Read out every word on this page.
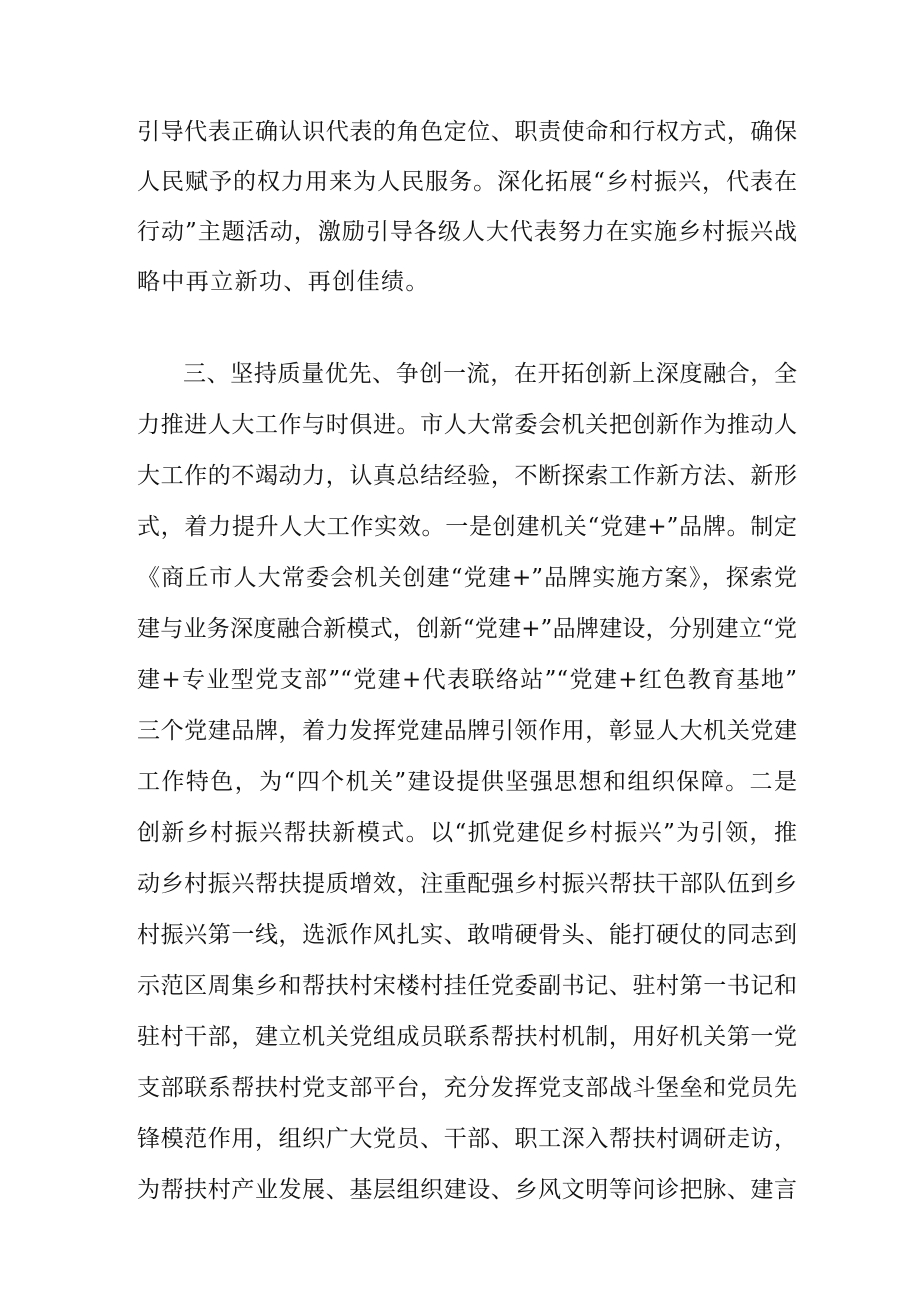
引导代表正确认识代表的角色定位、职责使命和行权方式，确保
人民赋予的权力用来为人民服务。深化拓展“乡村振兴，代表在
行动”主题活动，激励引导各级人大代表努力在实施乡村振兴战
略中再立新功、再创佳绩。
三、坚持质量优先、争创一流，在开拓创新上深度融合，全
力推进人大工作与时俱进。市人大常委会机关把创新作为推动人
大工作的不竭动力，认真总结经验，不断探索工作新方法、新形
式，着力提升人大工作实效。一是创建机关“党建+”品牌。制定
《商丘市人大常委会机关创建“党建+”品牌实施方案》，探索党
建与业务深度融合新模式，创新“党建+”品牌建设，分别建立“党
建+专业型党支部”“党建+代表联络站”“党建+红色教育基地”
三个党建品牌，着力发挥党建品牌引领作用，彰显人大机关党建
工作特色，为“四个机关”建设提供坚强思想和组织保障。二是
创新乡村振兴帮扶新模式。以“抓党建促乡村振兴”为引领，推
动乡村振兴帮扶提质增效，注重配强乡村振兴帮扶干部队伍到乡
村振兴第一线，选派作风扎实、敢啃硬骨头、能打硬仗的同志到
示范区周集乡和帮扶村宋楼村挂任党委副书记、驻村第一书记和
驻村干部，建立机关党组成员联系帮扶村机制，用好机关第一党
支部联系帮扶村党支部平台，充分发挥党支部战斗堡垒和党员先
锋模范作用，组织广大党员、干部、职工深入帮扶村调研走访，
为帮扶村产业发展、基层组织建设、乡风文明等问诊把脉、建言
